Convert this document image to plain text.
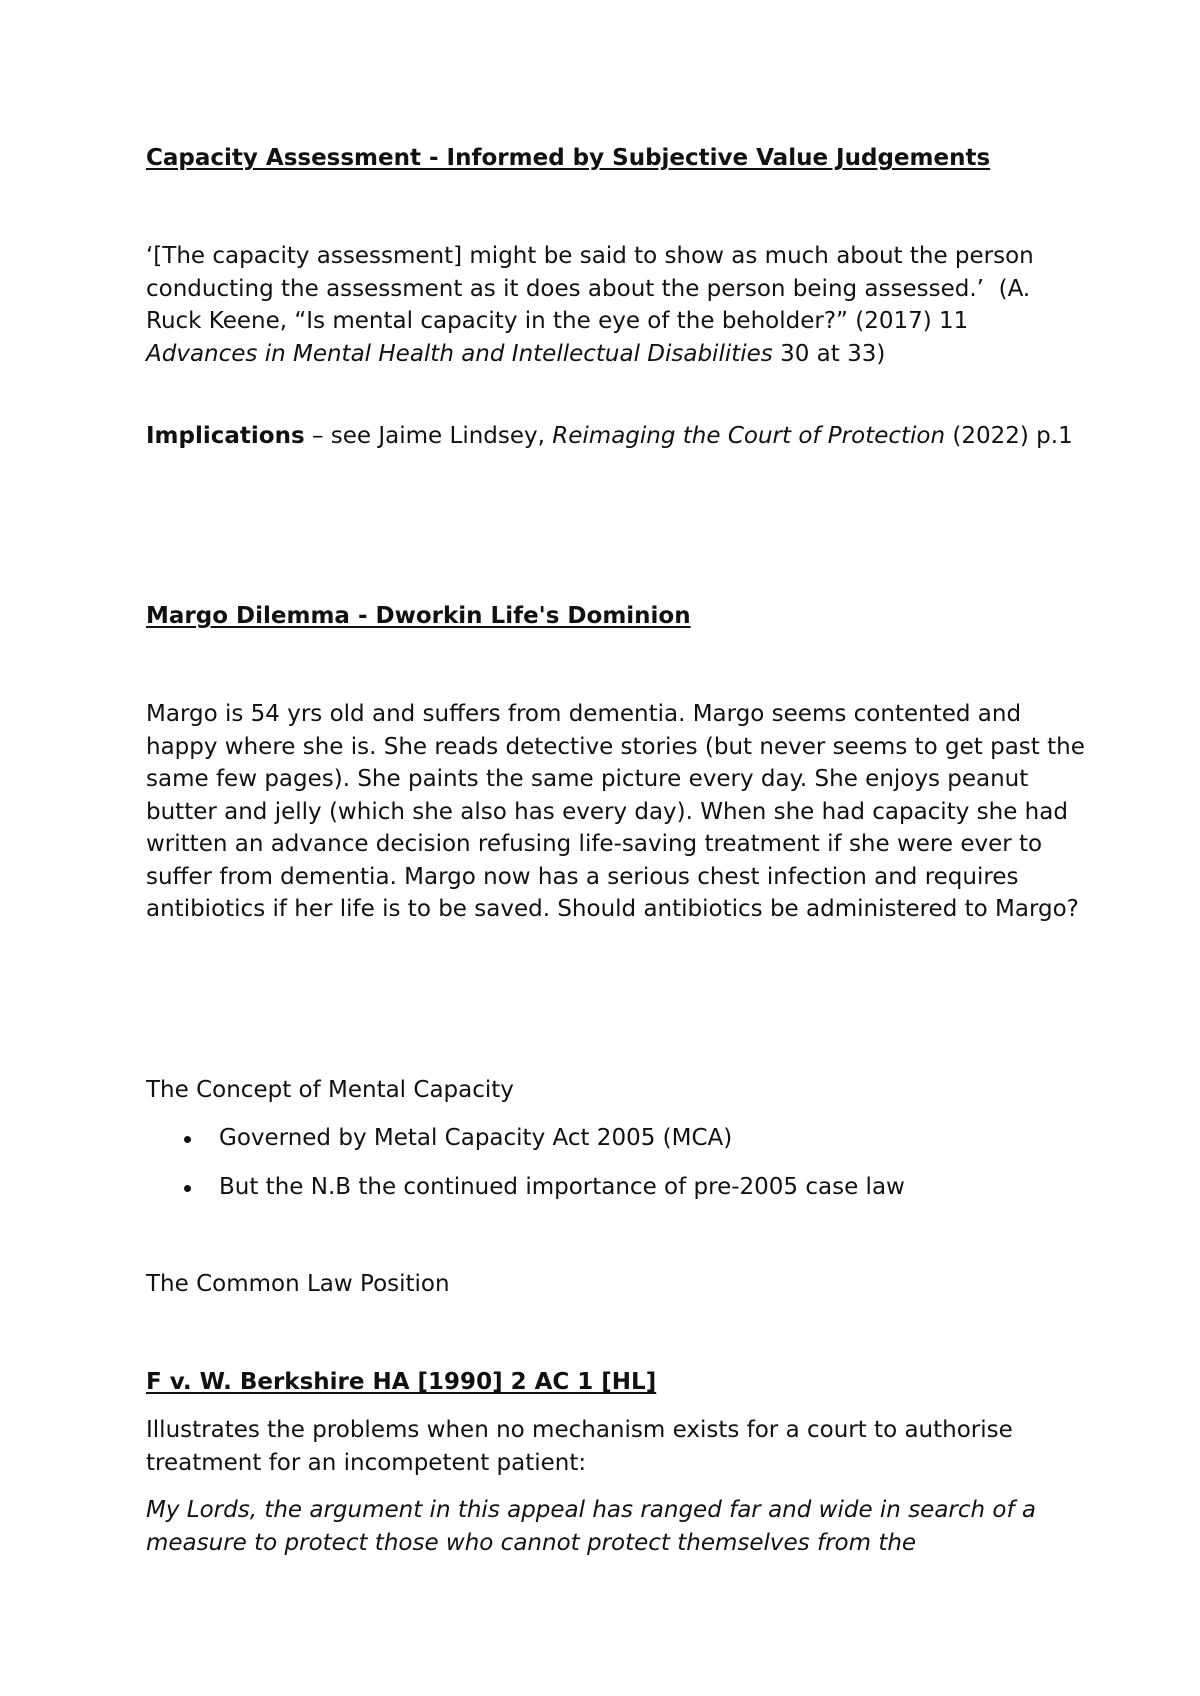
Capacity Assessment - Informed by Subjective Value Judgements

‘[The capacity assessment] might be said to show as much about the person conducting the assessment as it does about the person being assessed.’ (A. Ruck Keene, “Is mental capacity in the eye of the beholder?” (2017) 11 Advances in Mental Health and Intellectual Disabilities 30 at 33)

Implications – see Jaime Lindsey, Reimaging the Court of Protection (2022) p.1

Margo Dilemma - Dworkin Life's Dominion

Margo is 54 yrs old and suffers from dementia. Margo seems contented and happy where she is. She reads detective stories (but never seems to get past the same few pages). She paints the same picture every day. She enjoys peanut butter and jelly (which she also has every day). When she had capacity she had written an advance decision refusing life-saving treatment if she were ever to suffer from dementia. Margo now has a serious chest infection and requires antibiotics if her life is to be saved. Should antibiotics be administered to Margo?

The Concept of Mental Capacity

Governed by Metal Capacity Act 2005 (MCA)
But the N.B the continued importance of pre-2005 case law

The Common Law Position

F v. W. Berkshire HA [1990] 2 AC 1 [HL]

Illustrates the problems when no mechanism exists for a court to authorise treatment for an incompetent patient:

My Lords, the argument in this appeal has ranged far and wide in search of a measure to protect those who cannot protect themselves from the
